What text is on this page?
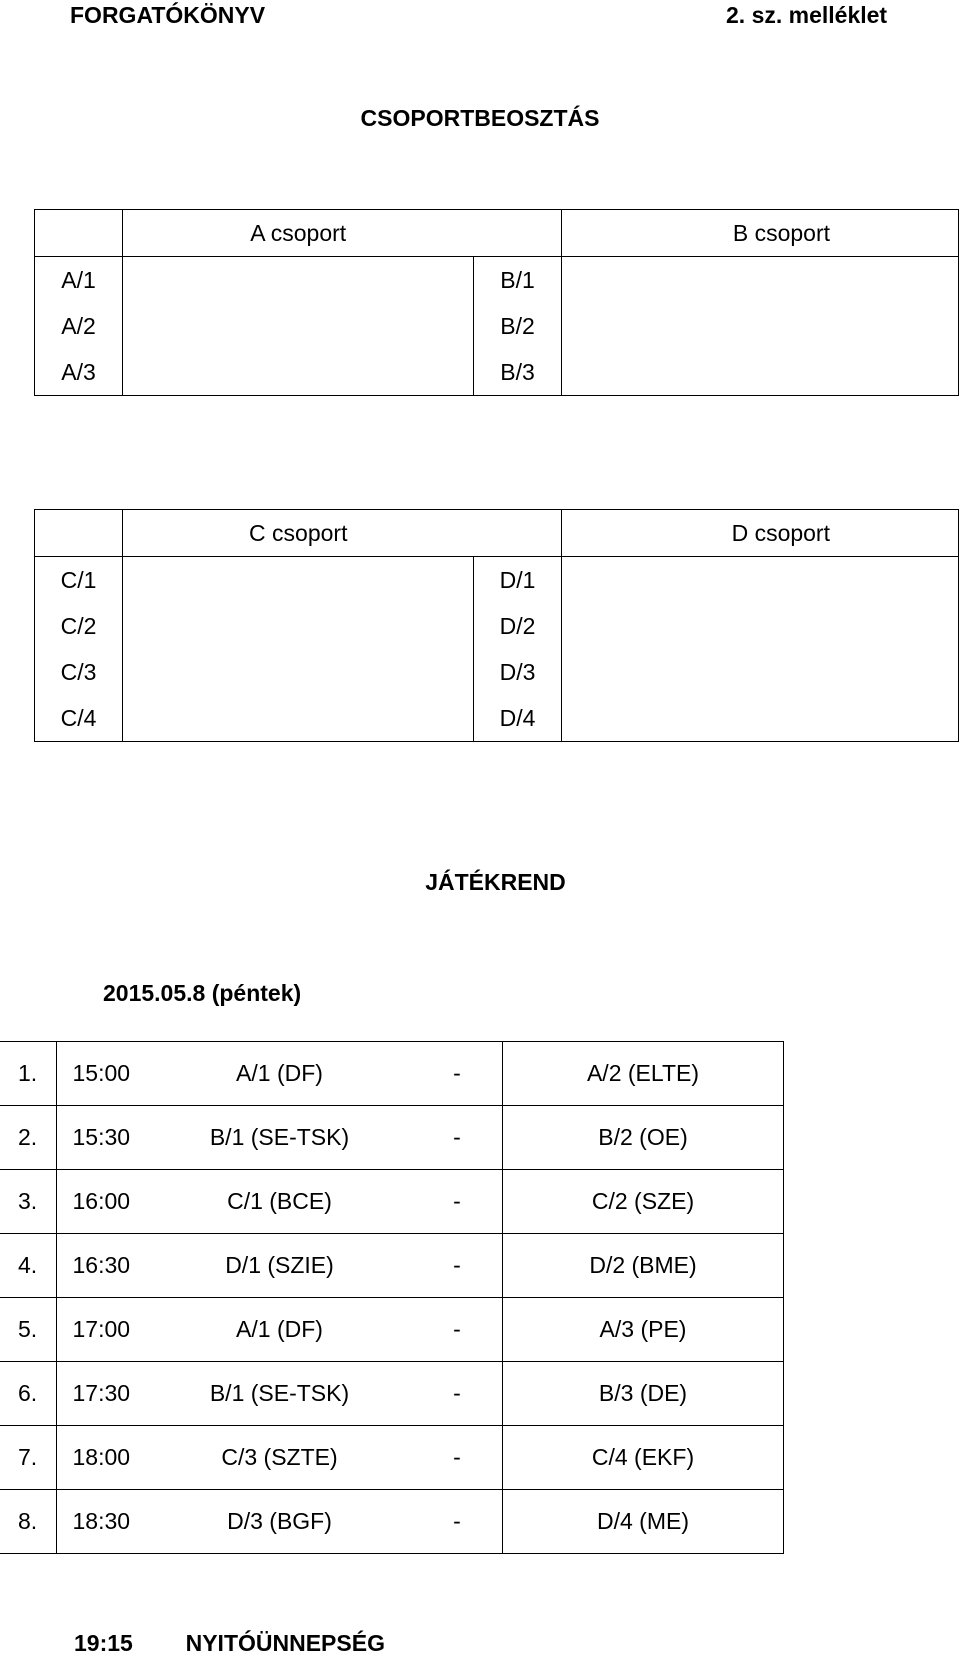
FORGATÓKÖNYV	2. sz. melléklet
CSOPORTBEOSZTÁS
	A csoport		B csoport
A/1		B/1	
A/2		B/2	
A/3		B/3	
	C csoport		D csoport
C/1		D/1	
C/2		D/2	
C/3		D/3	
C/4		D/4	
JÁTÉKREND
2015.05.8 (péntek)
1.	15:00	A/1 (DF)	-	A/2 (ELTE)
2.	15:30	B/1 (SE-TSK)	-	B/2 (OE)
3.	16:00	C/1 (BCE)	-	C/2 (SZE)
4.	16:30	D/1 (SZIE)	-	D/2 (BME)
5.	17:00	A/1 (DF)	-	A/3 (PE)
6.	17:30	B/1 (SE-TSK)	-	B/3 (DE)
7.	18:00	C/3 (SZTE)	-	C/4 (EKF)
8.	18:30	D/3 (BGF)	-	D/4 (ME)
19:15 NYITÓÜNNEPSÉG
